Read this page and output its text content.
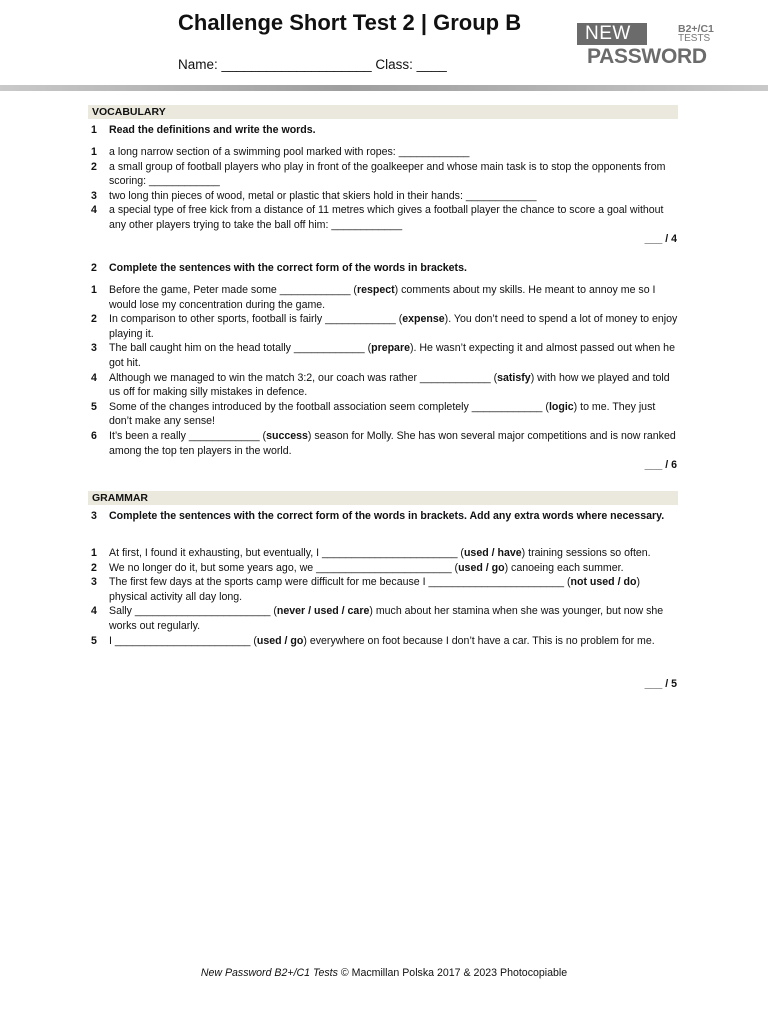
Challenge Short Test 2 | Group B
Name: ____________________ Class: ____
NEW	B2+/C1
TESTS
PASSWORD
VOCABULARY
1 Read the definitions and write the words.
1 a long narrow section of a swimming pool marked with ropes: ____________
2 a small group of football players who play in front of the goalkeeper and whose main task is to stop the opponents from scoring: ____________
3 two long thin pieces of wood, metal or plastic that skiers hold in their hands: ____________
4 a special type of free kick from a distance of 11 metres which gives a football player the chance to score a goal without any other players trying to take the ball off him: ____________
___ / 4
2 Complete the sentences with the correct form of the words in brackets.
1 Before the game, Peter made some ____________ (respect) comments about my skills. He meant to annoy me so I would lose my concentration during the game.
2 In comparison to other sports, football is fairly ____________ (expense). You don’t need to spend a lot of money to enjoy playing it.
3 The ball caught him on the head totally ____________ (prepare). He wasn’t expecting it and almost passed out when he got hit.
4 Although we managed to win the match 3:2, our coach was rather ____________ (satisfy) with how we played and told us off for making silly mistakes in defence.
5 Some of the changes introduced by the football association seem completely ____________ (logic) to me. They just don’t make any sense!
6 It’s been a really ____________ (success) season for Molly. She has won several major competitions and is now ranked among the top ten players in the world.
___ / 6
GRAMMAR
3 Complete the sentences with the correct form of the words in brackets. Add any extra words where necessary.
1 At first, I found it exhausting, but eventually, I _______________________ (used / have) training sessions so often.
2 We no longer do it, but some years ago, we _______________________ (used / go) canoeing each summer.
3 The first few days at the sports camp were difficult for me because I _______________________ (not used / do) physical activity all day long.
4 Sally _______________________ (never / used / care) much about her stamina when she was younger, but now she works out regularly.
5 I _______________________ (used / go) everywhere on foot because I don’t have a car. This is no problem for me.
___ / 5
New Password B2+/C1 Tests © Macmillan Polska 2017 & 2023 Photocopiable
